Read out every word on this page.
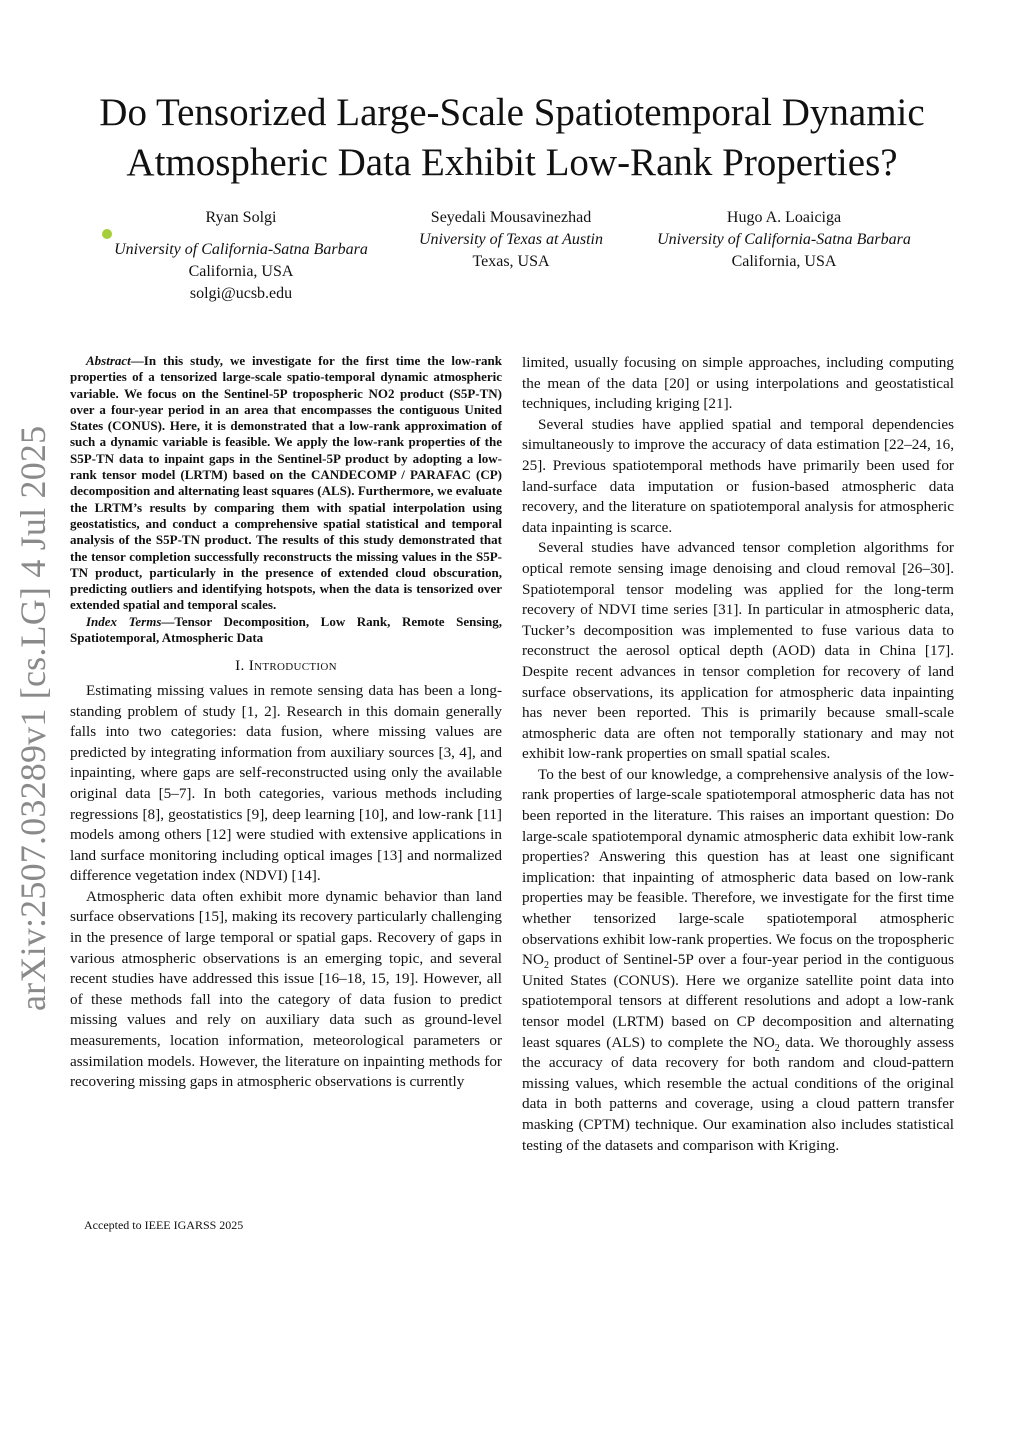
Do Tensorized Large-Scale Spatiotemporal Dynamic
Atmospheric Data Exhibit Low-Rank Properties?
Ryan Solgi
University of California-Satna Barbara
California, USA
solgi@ucsb.edu
Seyedali Mousavinezhad
University of Texas at Austin
Texas, USA
Hugo A. Loaiciga
University of California-Satna Barbara
California, USA
arXiv:2507.03289v1 [cs.LG] 4 Jul 2025

Abstract—In this study, we investigate for the first time the low-rank properties of a tensorized large-scale spatio-temporal dynamic atmospheric variable. We focus on the Sentinel-5P tropospheric NO2 product (S5P-TN) over a four-year period in an area that encompasses the contiguous United States (CONUS). Here, it is demonstrated that a low-rank approximation of such a dynamic variable is feasible. We apply the low-rank properties of the S5P-TN data to inpaint gaps in the Sentinel-5P product by adopting a low-rank tensor model (LRTM) based on the CANDECOMP / PARAFAC (CP) decomposition and alternating least squares (ALS). Furthermore, we evaluate the LRTM’s results by comparing them with spatial interpolation using geostatistics, and conduct a comprehensive spatial statistical and temporal analysis of the S5P-TN product. The results of this study demonstrated that the tensor completion successfully reconstructs the missing values in the S5P-TN product, particularly in the presence of extended cloud obscuration, predicting outliers and identifying hotspots, when the data is tensorized over extended spatial and temporal scales.

Index Terms—Tensor Decomposition, Low Rank, Remote Sensing, Spatiotemporal, Atmospheric Data

I. Introduction

Estimating missing values in remote sensing data has been a long-standing problem of study [1, 2]. Research in this domain generally falls into two categories: data fusion, where missing values are predicted by integrating information from auxiliary sources [3, 4], and inpainting, where gaps are self-reconstructed using only the available original data [5–7]. In both categories, various methods including regressions [8], geostatistics [9], deep learning [10], and low-rank [11] models among others [12] were studied with extensive applications in land surface monitoring including optical images [13] and normalized difference vegetation index (NDVI) [14].

Atmospheric data often exhibit more dynamic behavior than land surface observations [15], making its recovery particularly challenging in the presence of large temporal or spatial gaps. Recovery of gaps in various atmospheric observations is an emerging topic, and several recent studies have addressed this issue [16–18, 15, 19]. However, all of these methods fall into the category of data fusion to predict missing values and rely on auxiliary data such as ground-level measurements, location information, meteorological parameters or assimilation models. However, the literature on inpainting methods for recovering missing gaps in atmospheric observations is currently

limited, usually focusing on simple approaches, including computing the mean of the data [20] or using interpolations and geostatistical techniques, including kriging [21].

Several studies have applied spatial and temporal dependencies simultaneously to improve the accuracy of data estimation [22–24, 16, 25]. Previous spatiotemporal methods have primarily been used for land-surface data imputation or fusion-based atmospheric data recovery, and the literature on spatiotemporal analysis for atmospheric data inpainting is scarce.

Several studies have advanced tensor completion algorithms for optical remote sensing image denoising and cloud removal [26–30]. Spatiotemporal tensor modeling was applied for the long-term recovery of NDVI time series [31]. In particular in atmospheric data, Tucker’s decomposition was implemented to fuse various data to reconstruct the aerosol optical depth (AOD) data in China [17]. Despite recent advances in tensor completion for recovery of land surface observations, its application for atmospheric data inpainting has never been reported. This is primarily because small-scale atmospheric data are often not temporally stationary and may not exhibit low-rank properties on small spatial scales.

To the best of our knowledge, a comprehensive analysis of the low-rank properties of large-scale spatiotemporal atmospheric data has not been reported in the literature. This raises an important question: Do large-scale spatiotemporal dynamic atmospheric data exhibit low-rank properties? Answering this question has at least one significant implication: that inpainting of atmospheric data based on low-rank properties may be feasible. Therefore, we investigate for the first time whether tensorized large-scale spatiotemporal atmospheric observations exhibit low-rank properties. We focus on the tropospheric $NO_2$ product of Sentinel-5P over a four-year period in the contiguous United States (CONUS). Here we organize satellite point data into spatiotemporal tensors at different resolutions and adopt a low-rank tensor model (LRTM) based on CP decomposition and alternating least squares (ALS) to complete the $NO_2$ data. We thoroughly assess the accuracy of data recovery for both random and cloud-pattern missing values, which resemble the actual conditions of the original data in both patterns and coverage, using a cloud pattern transfer masking (CPTM) technique. Our examination also includes statistical testing of the datasets and comparison with Kriging.

Accepted to IEEE IGARSS 2025
